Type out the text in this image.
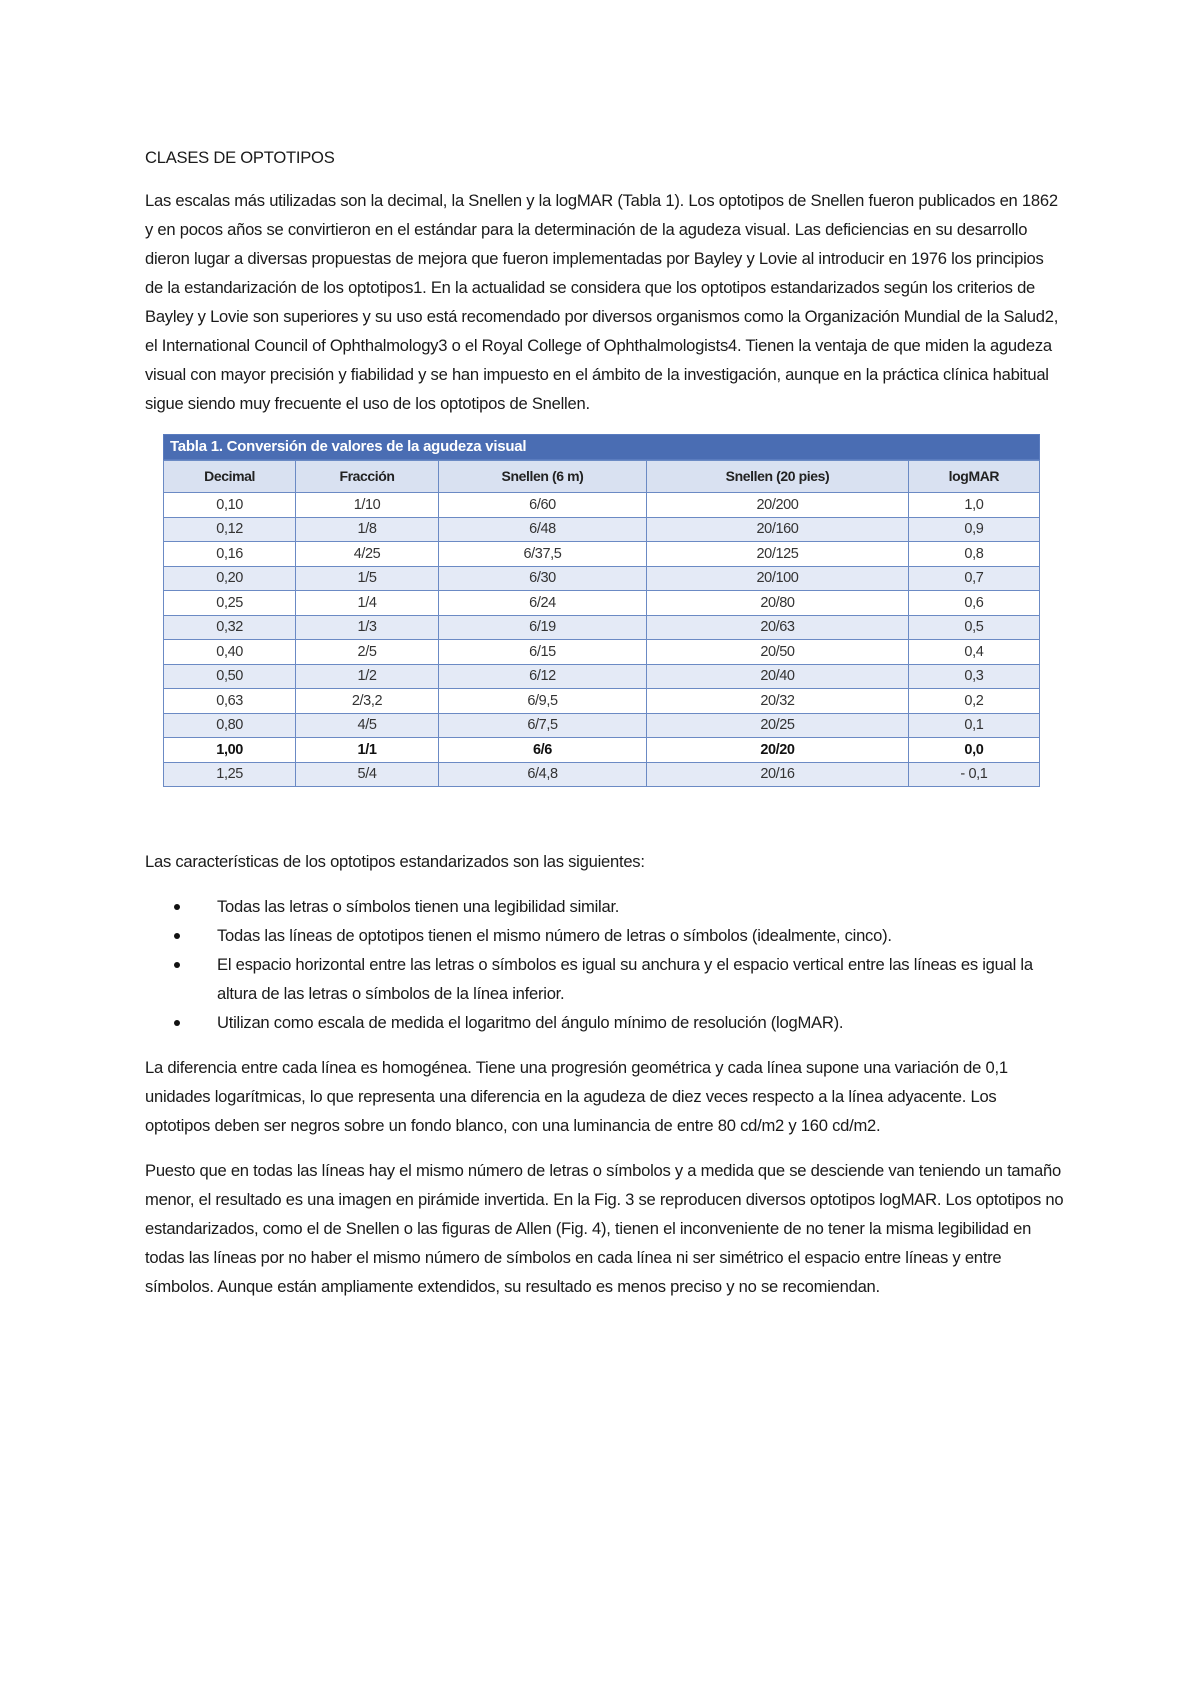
CLASES DE OPTOTIPOS

Las escalas más utilizadas son la decimal, la Snellen y la logMAR (Tabla 1). Los optotipos de Snellen fueron publicados en 1862 y en pocos años se convirtieron en el estándar para la determinación de la agudeza visual. Las deficiencias en su desarrollo dieron lugar a diversas propuestas de mejora que fueron implementadas por Bayley y Lovie al introducir en 1976 los principios de la estandarización de los optotipos1. En la actualidad se considera que los optotipos estandarizados según los criterios de Bayley y Lovie son superiores y su uso está recomendado por diversos organismos como la Organización Mundial de la Salud2, el International Council of Ophthalmology3 o el Royal College of Ophthalmologists4. Tienen la ventaja de que miden la agudeza visual con mayor precisión y fiabilidad y se han impuesto en el ámbito de la investigación, aunque en la práctica clínica habitual sigue siendo muy frecuente el uso de los optotipos de Snellen.

Tabla 1. Conversión de valores de la agudeza visual
Decimal	Fracción	Snellen (6 m)	Snellen (20 pies)	logMAR
0,10	1/10	6/60	20/200	1,0
0,12	1/8	6/48	20/160	0,9
0,16	4/25	6/37,5	20/125	0,8
0,20	1/5	6/30	20/100	0,7
0,25	1/4	6/24	20/80	0,6
0,32	1/3	6/19	20/63	0,5
0,40	2/5	6/15	20/50	0,4
0,50	1/2	6/12	20/40	0,3
0,63	2/3,2	6/9,5	20/32	0,2
0,80	4/5	6/7,5	20/25	0,1
1,00	1/1	6/6	20/20	0,0
1,25	5/4	6/4,8	20/16	- 0,1

Las características de los optotipos estandarizados son las siguientes:

Todas las letras o símbolos tienen una legibilidad similar.
Todas las líneas de optotipos tienen el mismo número de letras o símbolos (idealmente, cinco).
El espacio horizontal entre las letras o símbolos es igual su anchura y el espacio vertical entre las líneas es igual la altura de las letras o símbolos de la línea inferior.
Utilizan como escala de medida el logaritmo del ángulo mínimo de resolución (logMAR).

La diferencia entre cada línea es homogénea. Tiene una progresión geométrica y cada línea supone una variación de 0,1 unidades logarítmicas, lo que representa una diferencia en la agudeza de diez veces respecto a la línea adyacente. Los optotipos deben ser negros sobre un fondo blanco, con una luminancia de entre 80 cd/m2 y 160 cd/m2.

Puesto que en todas las líneas hay el mismo número de letras o símbolos y a medida que se desciende van teniendo un tamaño menor, el resultado es una imagen en pirámide invertida. En la Fig. 3 se reproducen diversos optotipos logMAR. Los optotipos no estandarizados, como el de Snellen o las figuras de Allen (Fig. 4), tienen el inconveniente de no tener la misma legibilidad en todas las líneas por no haber el mismo número de símbolos en cada línea ni ser simétrico el espacio entre líneas y entre símbolos. Aunque están ampliamente extendidos, su resultado es menos preciso y no se recomiendan.
